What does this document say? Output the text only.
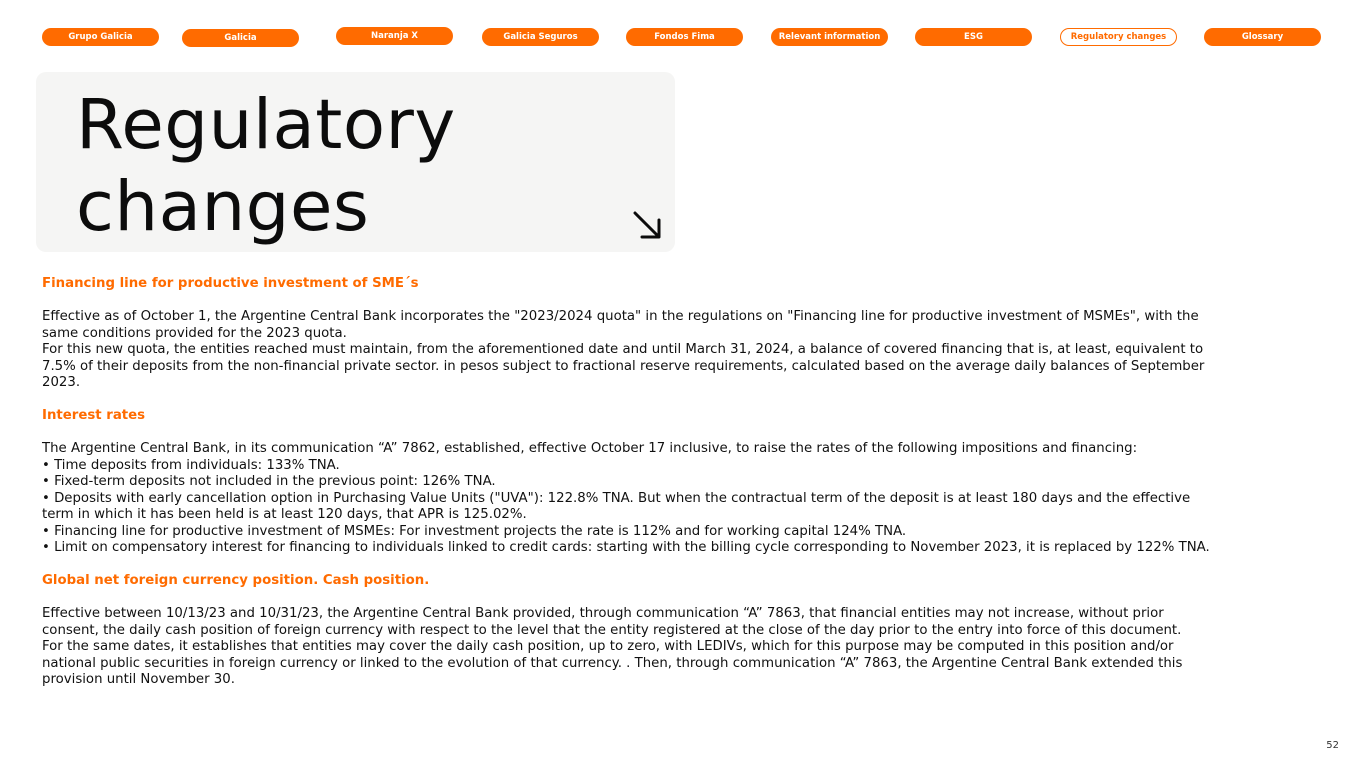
Grupo Galicia	Galicia	Naranja X	Galicia Seguros	Fondos Fima	Relevant information	ESG	Regulatory changes	Glossary
Regulatory
changes
Financing line for productive investment of SME´s

Effective as of October 1, the Argentine Central Bank incorporates the "2023/2024 quota" in the regulations on "Financing line for productive investment of MSMEs", with the same conditions provided for the 2023 quota.

For this new quota, the entities reached must maintain, from the aforementioned date and until March 31, 2024, a balance of covered financing that is, at least, equivalent to 7.5% of their deposits from the non-financial private sector. in pesos subject to fractional reserve requirements, calculated based on the average daily balances of September 2023.

Interest rates

The Argentine Central Bank, in its communication “A” 7862, established, effective October 17 inclusive, to raise the rates of the following impositions and financing:

• Time deposits from individuals: 133% TNA.

• Fixed-term deposits not included in the previous point: 126% TNA.

• Deposits with early cancellation option in Purchasing Value Units ("UVA"): 122.8% TNA. But when the contractual term of the deposit is at least 180 days and the effective term in which it has been held is at least 120 days, that APR is 125.02%.

• Financing line for productive investment of MSMEs: For investment projects the rate is 112% and for working capital 124% TNA.

• Limit on compensatory interest for financing to individuals linked to credit cards: starting with the billing cycle corresponding to November 2023, it is replaced by 122% TNA.

Global net foreign currency position. Cash position.

Effective between 10/13/23 and 10/31/23, the Argentine Central Bank provided, through communication “A” 7863, that financial entities may not increase, without prior consent, the daily cash position of foreign currency with respect to the level that the entity registered at the close of the day prior to the entry into force of this document.

For the same dates, it establishes that entities may cover the daily cash position, up to zero, with LEDIVs, which for this purpose may be computed in this position and/or national public securities in foreign currency or linked to the evolution of that currency. . Then, through communication “A” 7863, the Argentine Central Bank extended this provision until November 30.

52
